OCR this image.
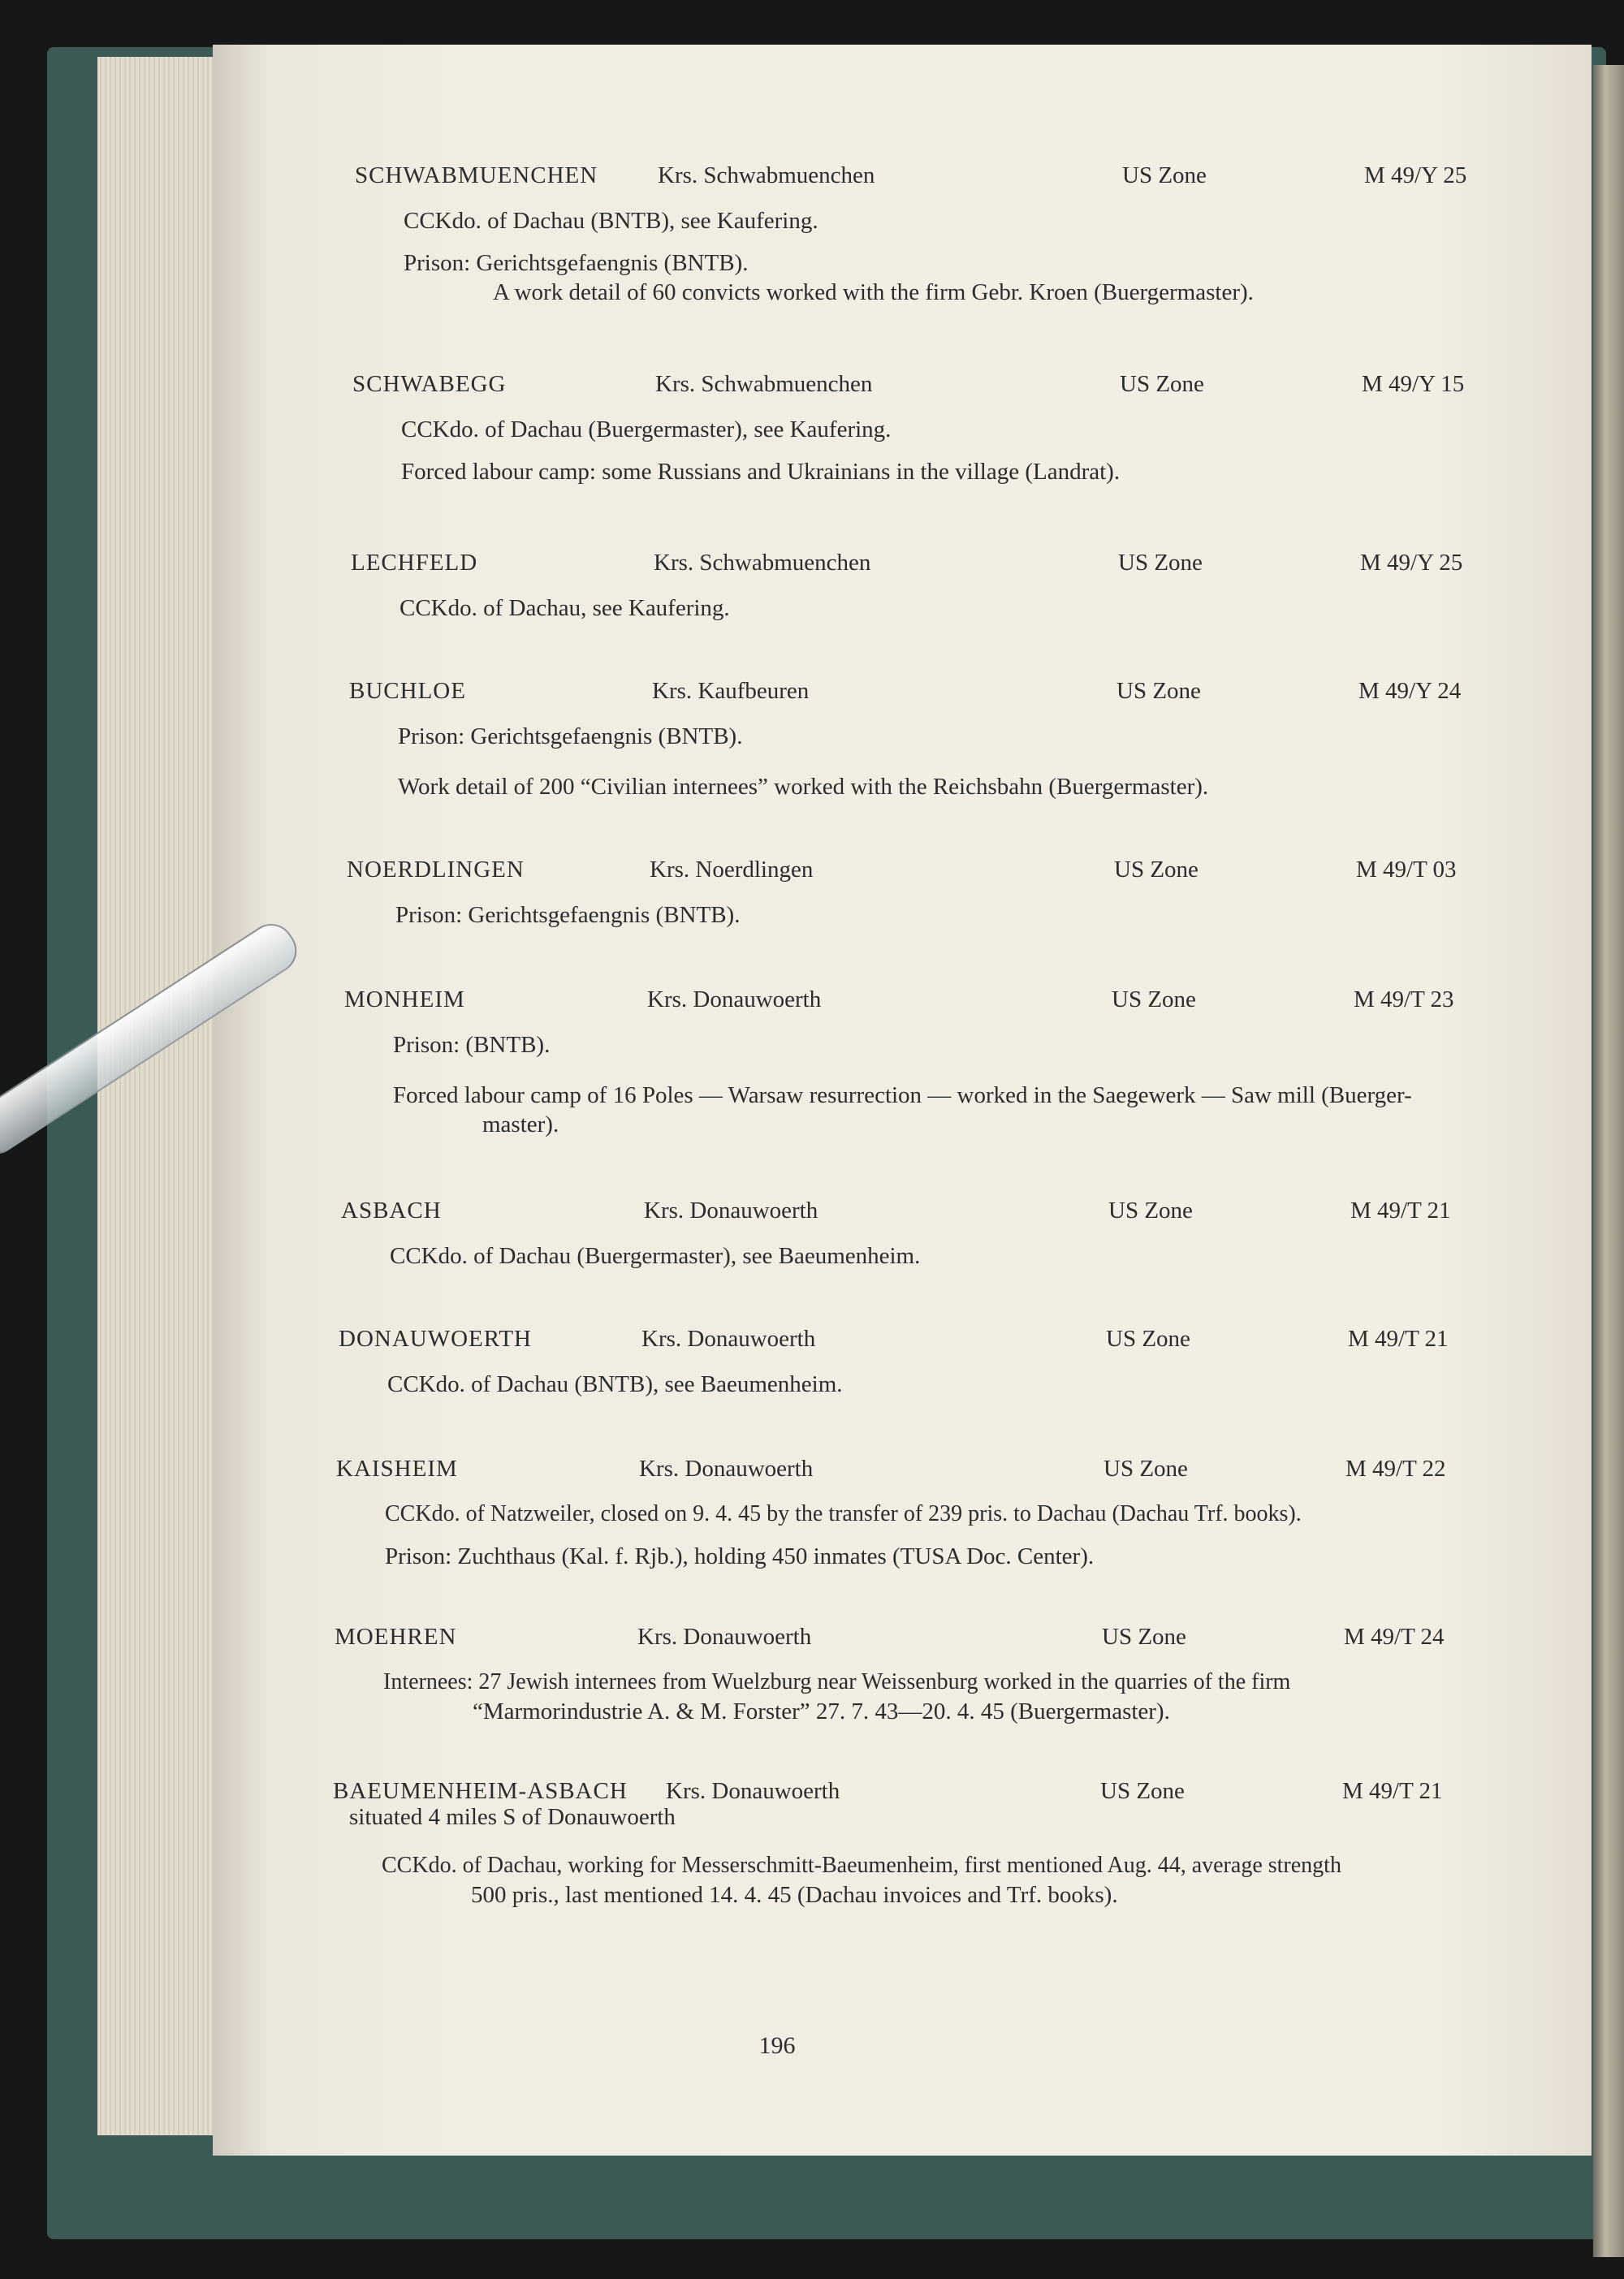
SCHWABMUENCHEN	Krs. Schwabmuenchen	US Zone	M 49/Y 25
CCKdo. of Dachau (BNTB), see Kaufering.
Prison: Gerichtsgefaengnis (BNTB).
A work detail of 60 convicts worked with the firm Gebr. Kroen (Buergermaster).
SCHWABEGG	Krs. Schwabmuenchen	US Zone	M 49/Y 15
CCKdo. of Dachau (Buergermaster), see Kaufering.
Forced labour camp: some Russians and Ukrainians in the village (Landrat).
LECHFELD	Krs. Schwabmuenchen	US Zone	M 49/Y 25
CCKdo. of Dachau, see Kaufering.
BUCHLOE	Krs. Kaufbeuren	US Zone	M 49/Y 24
Prison: Gerichtsgefaengnis (BNTB).
Work detail of 200 “Civilian internees” worked with the Reichsbahn (Buergermaster).
NOERDLINGEN	Krs. Noerdlingen	US Zone	M 49/T 03
Prison: Gerichtsgefaengnis (BNTB).
MONHEIM	Krs. Donauwoerth	US Zone	M 49/T 23
Prison: (BNTB).
Forced labour camp of 16 Poles — Warsaw resurrection — worked in the Saegewerk — Saw mill (Buerger-
master).
ASBACH	Krs. Donauwoerth	US Zone	M 49/T 21
CCKdo. of Dachau (Buergermaster), see Baeumenheim.
DONAUWOERTH	Krs. Donauwoerth	US Zone	M 49/T 21
CCKdo. of Dachau (BNTB), see Baeumenheim.
KAISHEIM	Krs. Donauwoerth	US Zone	M 49/T 22
CCKdo. of Natzweiler, closed on 9. 4. 45 by the transfer of 239 pris. to Dachau (Dachau Trf. books).
Prison: Zuchthaus (Kal. f. Rjb.), holding 450 inmates (TUSA Doc. Center).
MOEHREN	Krs. Donauwoerth	US Zone	M 49/T 24
Internees: 27 Jewish internees from Wuelzburg near Weissenburg worked in the quarries of the firm
“Marmorindustrie A. & M. Forster” 27. 7. 43—20. 4. 45 (Buergermaster).
BAEUMENHEIM-ASBACH Krs. Donauwoerth	US Zone	M 49/T 21
situated 4 miles S of Donauwoerth
CCKdo. of Dachau, working for Messerschmitt-Baeumenheim, first mentioned Aug. 44, average strength
500 pris., last mentioned 14. 4. 45 (Dachau invoices and Trf. books).
196
